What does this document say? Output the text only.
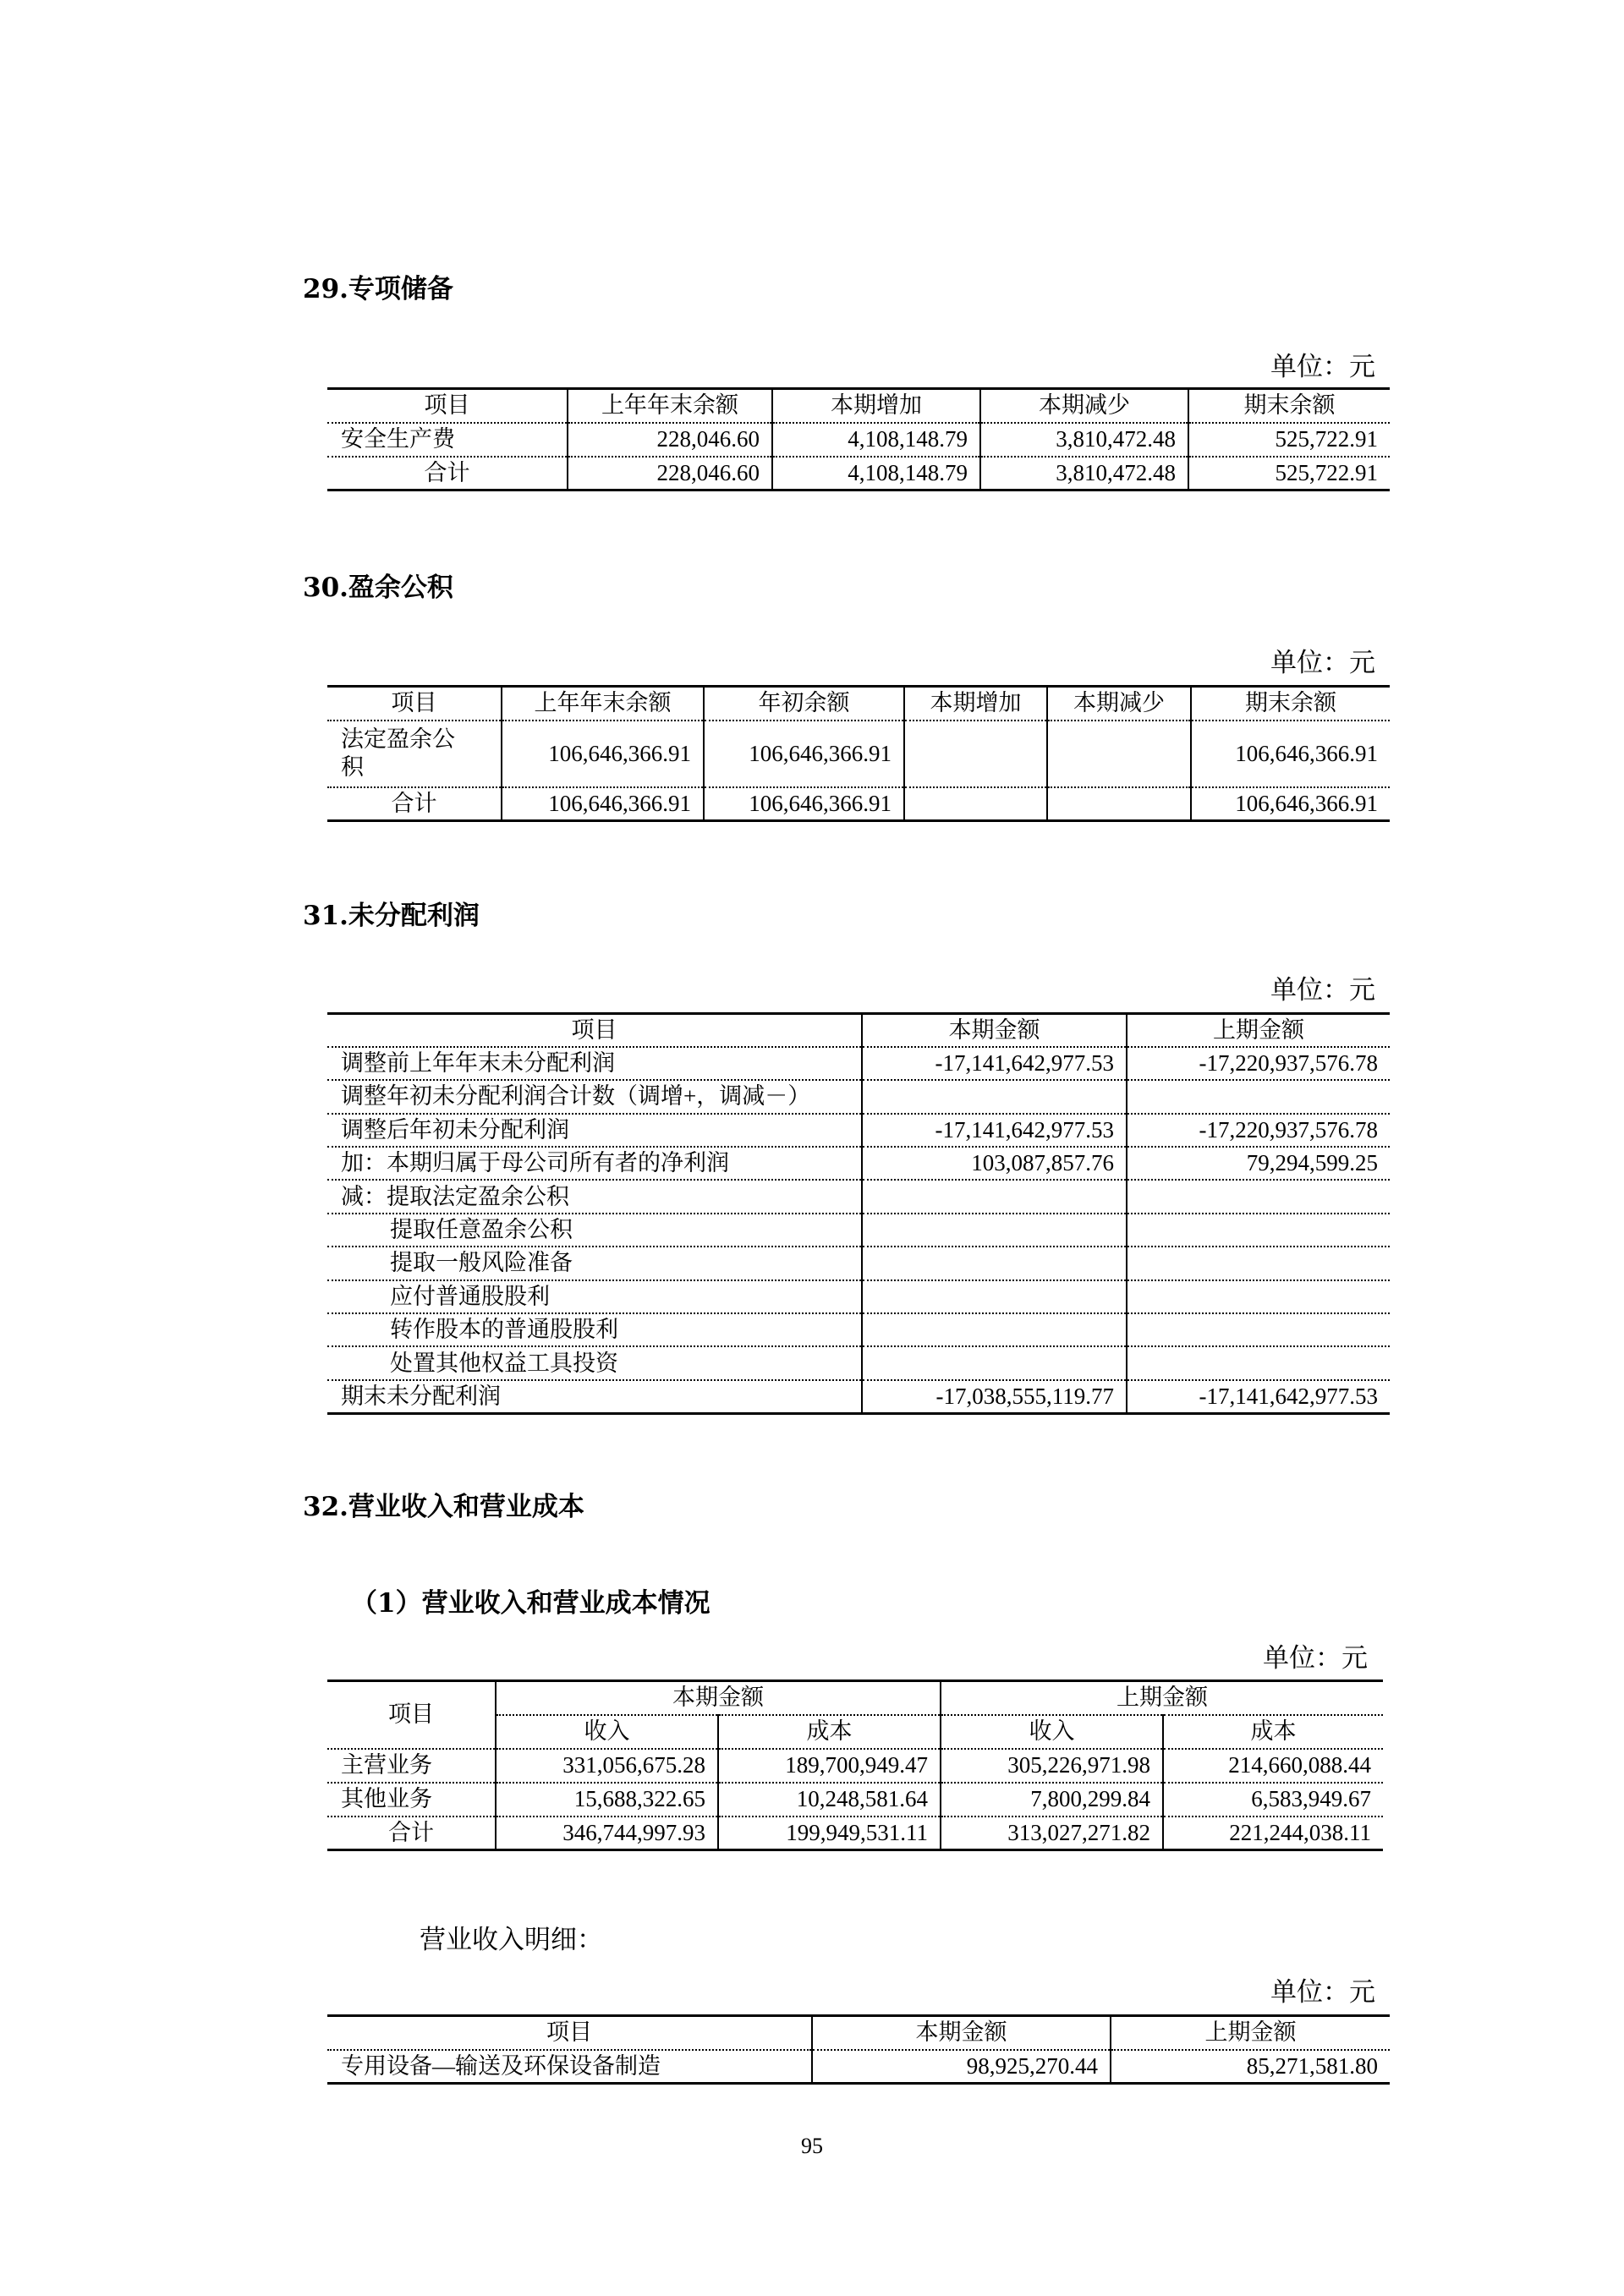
29.专项储备
单位：元
项目	上年年末余额	本期增加	本期减少	期末余额
安全生产费	228,046.60	4,108,148.79	3,810,472.48	525,722.91
合计	228,046.60	4,108,148.79	3,810,472.48	525,722.91
30.盈余公积
单位：元
项目	上年年末余额	年初余额	本期增加	本期减少	期末余额

法定盈余公积	106,646,366.91	106,646,366.91			106,646,366.91
合计	106,646,366.91	106,646,366.91			106,646,366.91
31.未分配利润
单位：元
项目	本期金额	上期金额
调整前上年年末未分配利润	-17,141,642,977.53	-17,220,937,576.78
调整年初未分配利润合计数（调增+，调减－）		
调整后年初未分配利润	-17,141,642,977.53	-17,220,937,576.78
加：本期归属于母公司所有者的净利润	103,087,857.76	79,294,599.25
减：提取法定盈余公积		
提取任意盈余公积		
提取一般风险准备		
应付普通股股利		
转作股本的普通股股利		
处置其他权益工具投资		
期末未分配利润	-17,038,555,119.77	-17,141,642,977.53
32.营业收入和营业成本
（1）营业收入和营业成本情况
单位：元
项目	本期金额		上期金额	
	收入	成本	收入	成本
主营业务	331,056,675.28	189,700,949.47	305,226,971.98	214,660,088.44
其他业务	15,688,322.65	10,248,581.64	7,800,299.84	6,583,949.67
合计	346,744,997.93	199,949,531.11	313,027,271.82	221,244,038.11
营业收入明细：
单位：元
项目	本期金额	上期金额
专用设备—输送及环保设备制造	98,925,270.44	85,271,581.80
95
